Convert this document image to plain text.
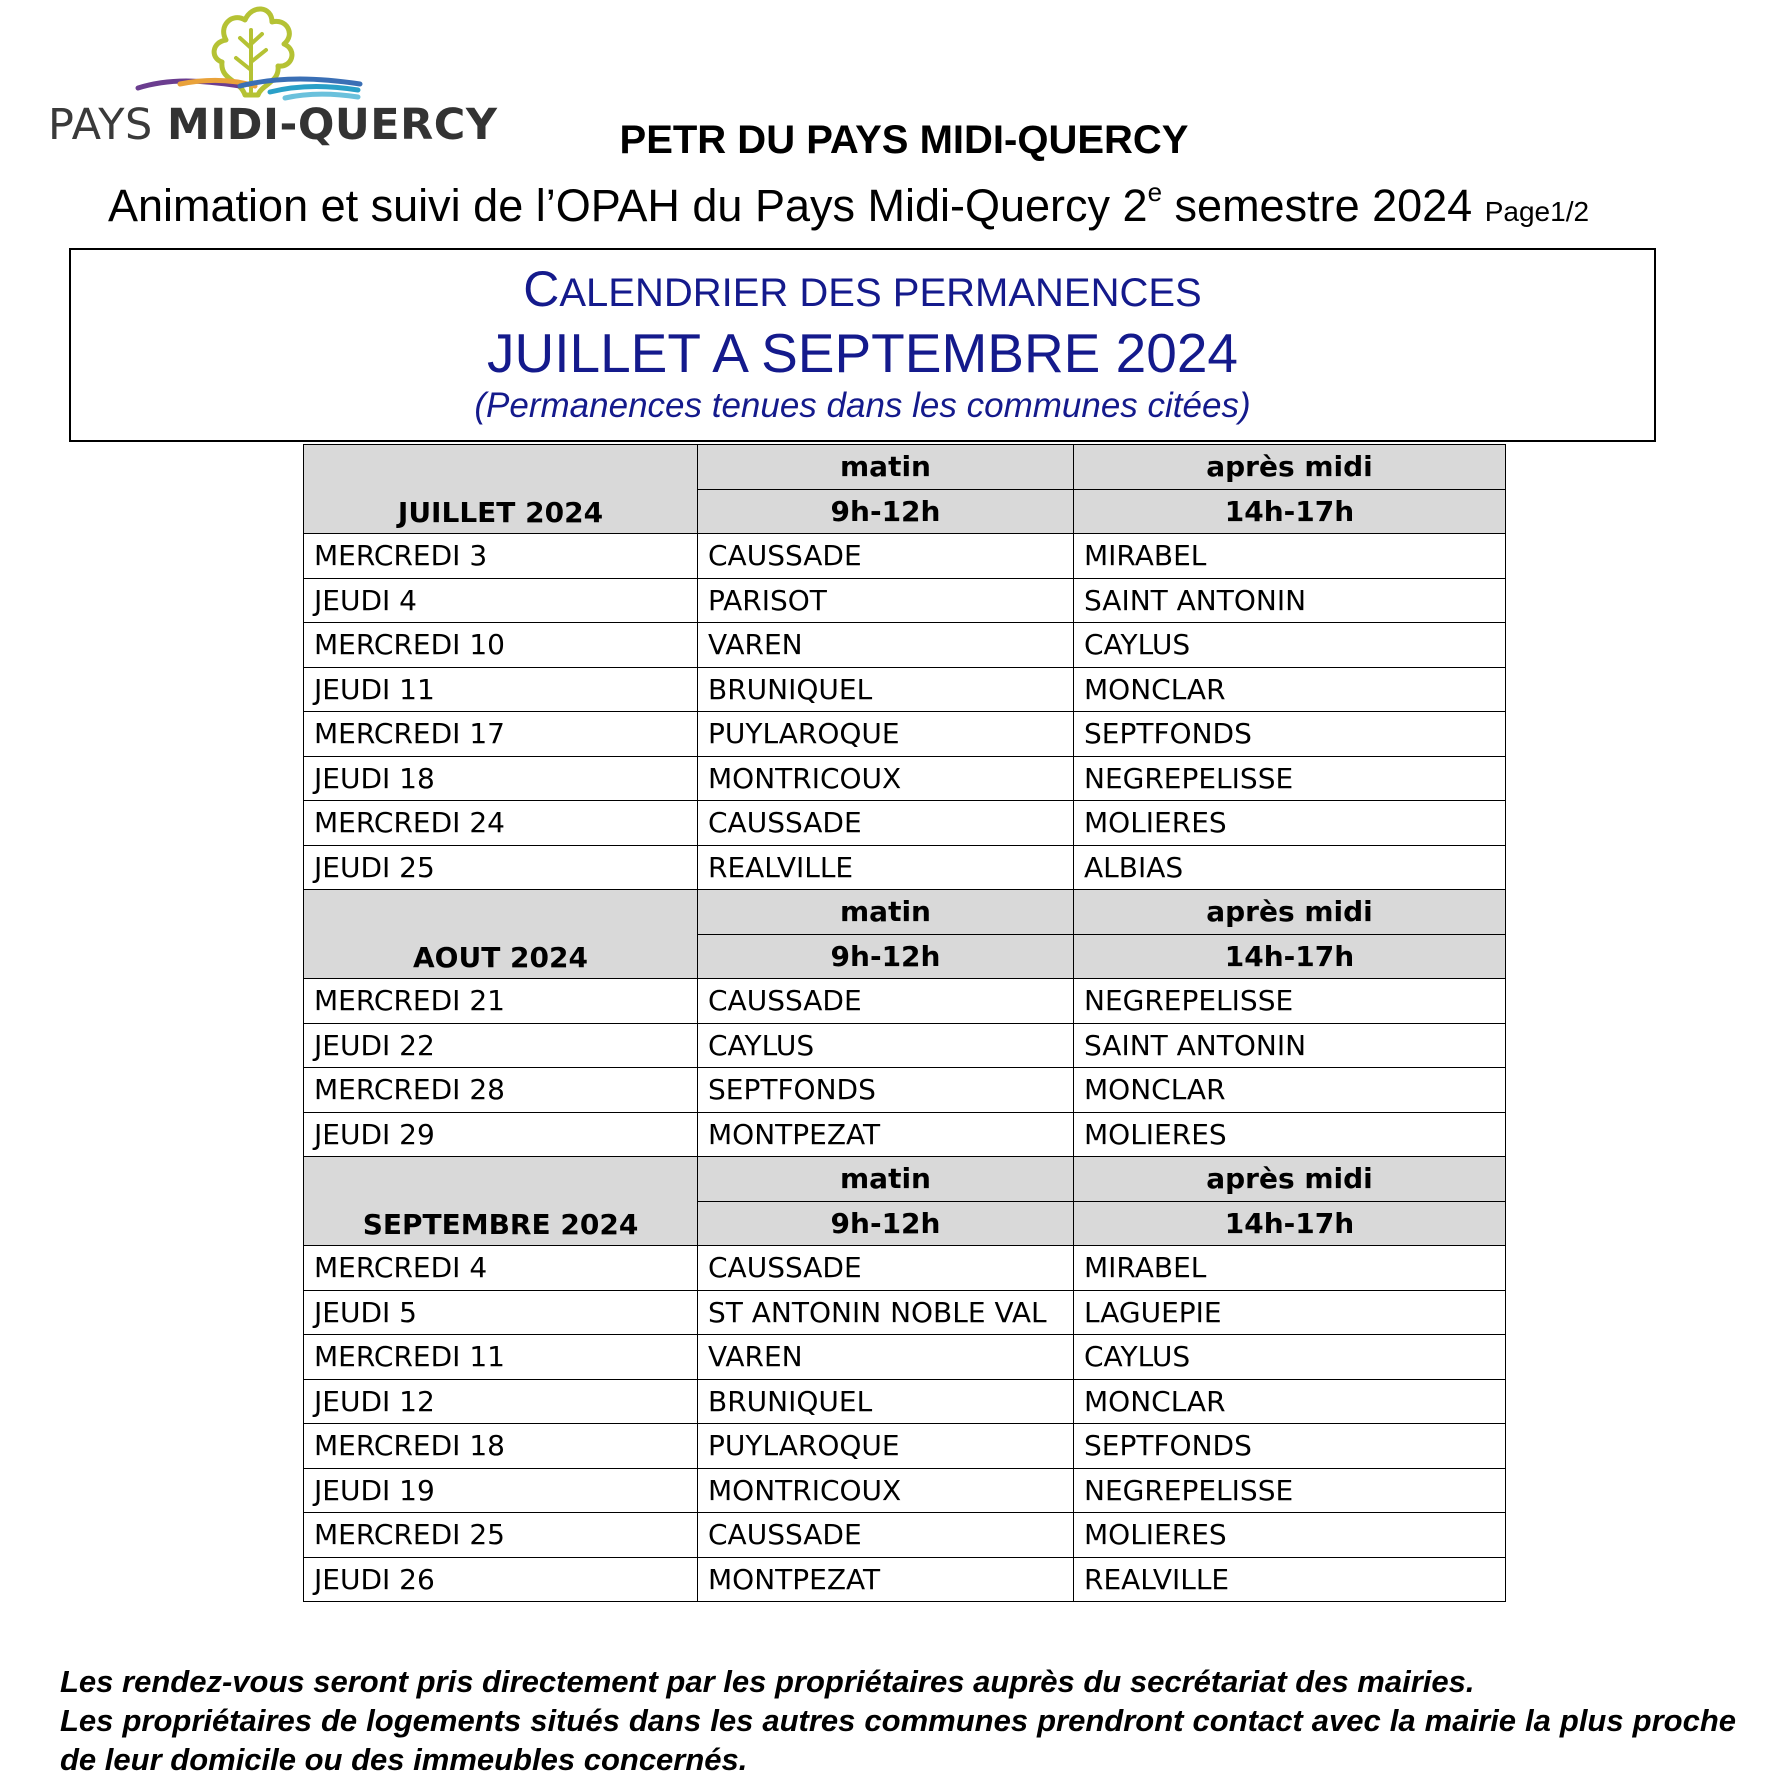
PAYS MIDI-QUERCY	PETR DU PAYS MIDI-QUERCY
Animation et suivi de l’OPAH du Pays Midi-Quercy 2e semestre 2024 Page1/2
CALENDRIER DES PERMANENCES
JUILLET A SEPTEMBRE 2024
(Permanences tenues dans les communes citées)
JUILLET 2024	matin	après midi
	9h-12h	14h-17h
MERCREDI 3	CAUSSADE	MIRABEL
JEUDI 4	PARISOT	SAINT ANTONIN
MERCREDI 10	VAREN	CAYLUS
JEUDI 11	BRUNIQUEL	MONCLAR
MERCREDI 17	PUYLAROQUE	SEPTFONDS
JEUDI 18	MONTRICOUX	NEGREPELISSE
MERCREDI 24	CAUSSADE	MOLIERES
JEUDI 25	REALVILLE	ALBIAS
AOUT 2024	matin	après midi
	9h-12h	14h-17h
MERCREDI 21	CAUSSADE	NEGREPELISSE
JEUDI 22	CAYLUS	SAINT ANTONIN
MERCREDI 28	SEPTFONDS	MONCLAR
JEUDI 29	MONTPEZAT	MOLIERES
SEPTEMBRE 2024	matin	après midi
	9h-12h	14h-17h
MERCREDI 4	CAUSSADE	MIRABEL
JEUDI 5	ST ANTONIN NOBLE VAL	LAGUEPIE
MERCREDI 11	VAREN	CAYLUS
JEUDI 12	BRUNIQUEL	MONCLAR
MERCREDI 18	PUYLAROQUE	SEPTFONDS
JEUDI 19	MONTRICOUX	NEGREPELISSE
MERCREDI 25	CAUSSADE	MOLIERES
JEUDI 26	MONTPEZAT	REALVILLE

Les rendez-vous seront pris directement par les propriétaires auprès du secrétariat des mairies.

Les propriétaires de logements situés dans les autres communes prendront contact avec la mairie la plus proche de leur domicile ou des immeubles concernés.
